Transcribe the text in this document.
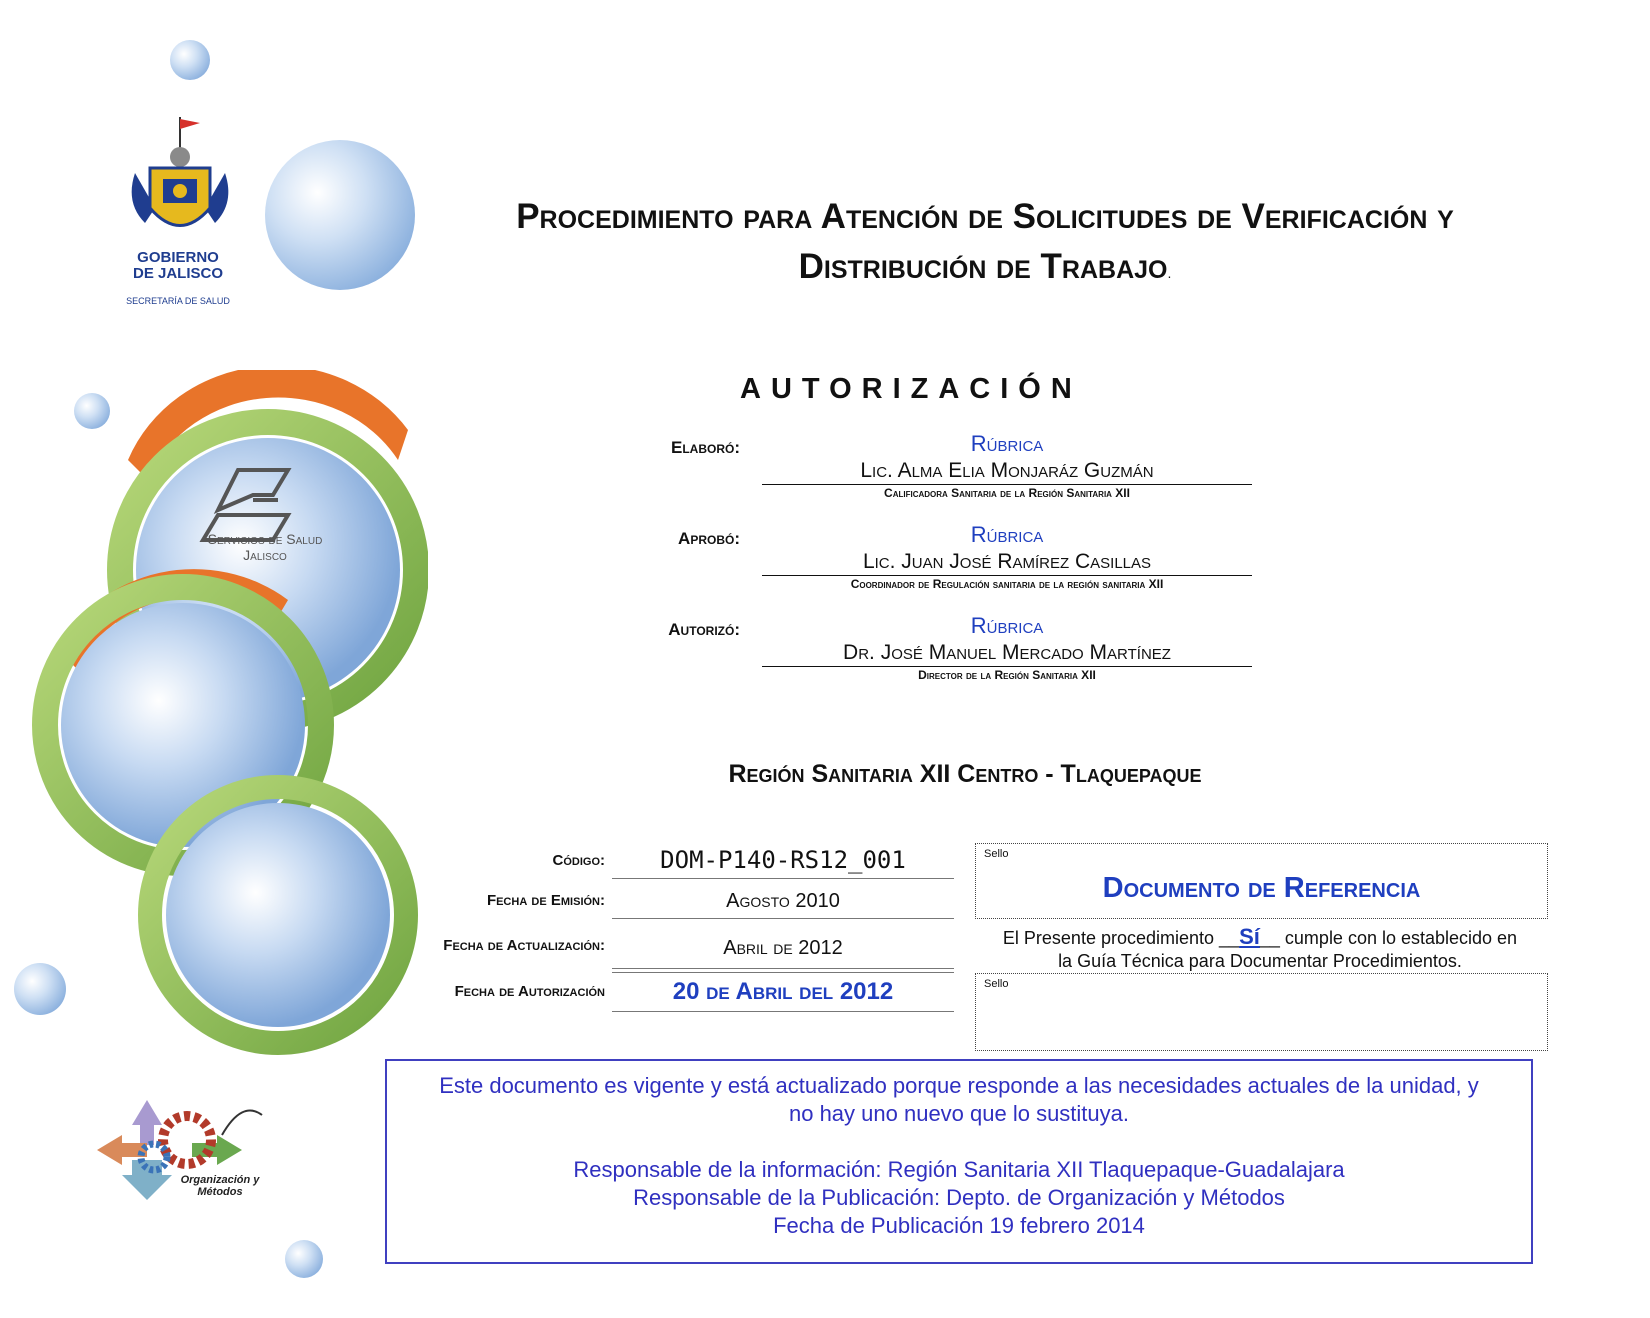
Servicios de Salud
Jalisco
GOBIERNO
DE JALISCO
SECRETARÍA DE SALUD
Organización y
Métodos
Procedimiento para Atención de Solicitudes de Verificación y
Distribución de Trabajo.
AUTORIZACIÓN
Elaboró:	Rúbrica
Lic. Alma Elia Monjaráz Guzmán
Calificadora Sanitaria de la Región Sanitaria XII
Aprobó:	Rúbrica
Lic. Juan José Ramírez Casillas
Coordinador de Regulación sanitaria de la región sanitaria XII
Autorizó:	Rúbrica
Dr. José Manuel Mercado Martínez
Director de la Región Sanitaria XII
Región Sanitaria XII Centro - Tlaquepaque
Código:	DOM-P140-RS12_001
Fecha de Emisión:	Agosto 2010
Fecha de Actualización:	Abril de 2012
Fecha de Autorización	20 de Abril del 2012
Sello
Documento de Referencia
El Presente procedimiento __Sí__ cumple con lo establecido en
la Guía Técnica para Documentar Procedimientos.
Sello
Este documento es vigente y está actualizado porque responde a las necesidades actuales de la unidad, y
no hay uno nuevo que lo sustituya.
Responsable de la información: Región Sanitaria XII Tlaquepaque-Guadalajara
Responsable de la Publicación: Depto. de Organización y Métodos
Fecha de Publicación 19 febrero 2014
